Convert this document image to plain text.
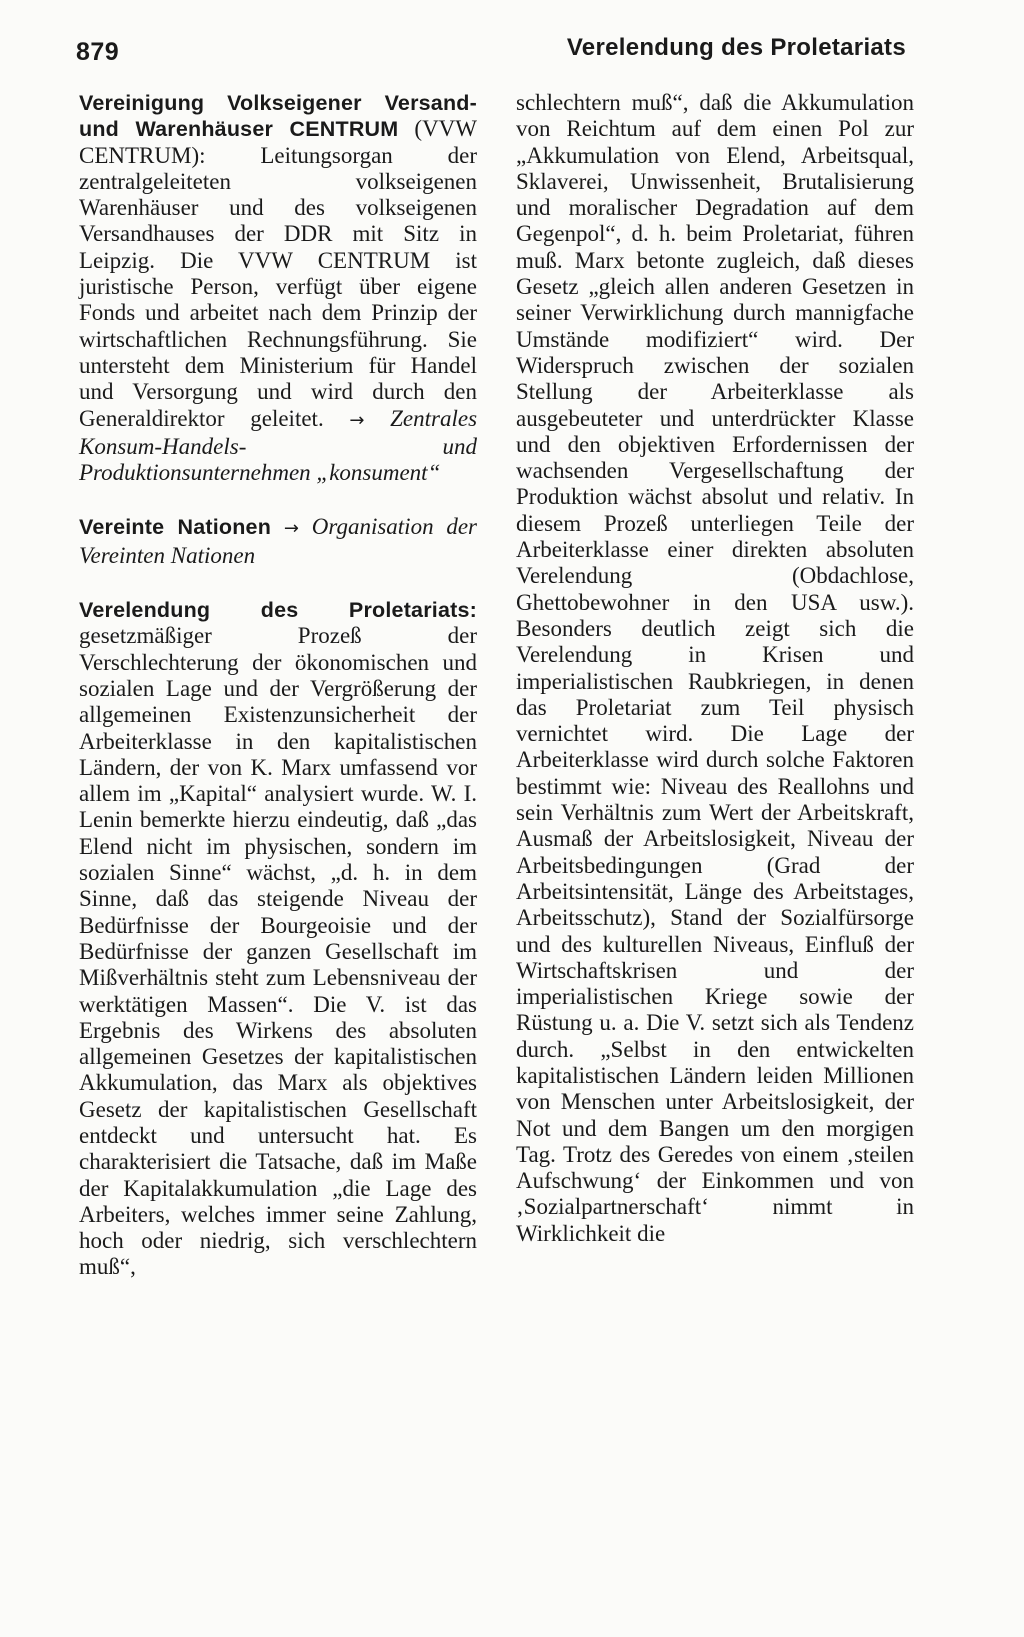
879	Verelendung des Proletariats

Vereinigung Volkseigener Versand- und Warenhäuser CENTRUM (VVW CENTRUM): Leitungsorgan der zentralgeleiteten volkseigenen Warenhäuser und des volkseigenen Versandhauses der DDR mit Sitz in Leipzig. Die VVW CENTRUM ist juristische Person, verfügt über eigene Fonds und arbeitet nach dem Prinzip der wirtschaftlichen Rechnungsführung. Sie untersteht dem Ministerium für Handel und Versorgung und wird durch den Generaldirektor geleitet. → Zentrales Konsum-Handels- und Produktionsunternehmen „konsument“

Vereinte Nationen → Organisation der Vereinten Nationen

Verelendung des Proletariats: gesetzmäßiger Prozeß der Verschlechterung der ökonomischen und sozialen Lage und der Vergrößerung der allgemeinen Existenzunsicherheit der Arbeiterklasse in den kapitalistischen Ländern, der von K. Marx umfassend vor allem im „Kapital“ analysiert wurde. W. I. Lenin bemerkte hierzu eindeutig, daß „das Elend nicht im physischen, sondern im sozialen Sinne“ wächst, „d. h. in dem Sinne, daß das steigende Niveau der Bedürfnisse der Bourgeoisie und der Bedürfnisse der ganzen Gesellschaft im Mißverhältnis steht zum Lebensniveau der werktätigen Massen“. Die V. ist das Ergebnis des Wirkens des absoluten allgemeinen Gesetzes der kapitalistischen Akkumulation, das Marx als objektives Gesetz der kapitalistischen Gesellschaft entdeckt und untersucht hat. Es charakterisiert die Tatsache, daß im Maße der Kapitalakkumulation „die Lage des Arbeiters, welches immer seine Zahlung, hoch oder niedrig, sich verschlechtern muß“,

schlechtern muß“, daß die Akkumulation von Reichtum auf dem einen Pol zur „Akkumulation von Elend, Arbeitsqual, Sklaverei, Unwissenheit, Brutalisierung und moralischer Degradation auf dem Gegenpol“, d. h. beim Proletariat, führen muß. Marx betonte zugleich, daß dieses Gesetz „gleich allen anderen Gesetzen in seiner Verwirklichung durch mannigfache Umstände modifiziert“ wird. Der Widerspruch zwischen der sozialen Stellung der Arbeiterklasse als ausgebeuteter und unterdrückter Klasse und den objektiven Erfordernissen der wachsenden Vergesellschaftung der Produktion wächst absolut und relativ. In diesem Prozeß unterliegen Teile der Arbeiterklasse einer direkten absoluten Verelendung (Obdachlose, Ghettobewohner in den USA usw.). Besonders deutlich zeigt sich die Verelendung in Krisen und imperialistischen Raubkriegen, in denen das Proletariat zum Teil physisch vernichtet wird. Die Lage der Arbeiterklasse wird durch solche Faktoren bestimmt wie: Niveau des Reallohns und sein Verhältnis zum Wert der Arbeitskraft, Ausmaß der Arbeitslosigkeit, Niveau der Arbeitsbedingungen (Grad der Arbeitsintensität, Länge des Arbeitstages, Arbeitsschutz), Stand der Sozialfürsorge und des kulturellen Niveaus, Einfluß der Wirtschaftskrisen und der imperialistischen Kriege sowie der Rüstung u. a. Die V. setzt sich als Tendenz durch. „Selbst in den entwickelten kapitalistischen Ländern leiden Millionen von Menschen unter Arbeitslosigkeit, der Not und dem Bangen um den morgigen Tag. Trotz des Geredes von einem ‚steilen Aufschwung‘ der Einkommen und von ‚Sozialpartnerschaft‘ nimmt in Wirklichkeit die
